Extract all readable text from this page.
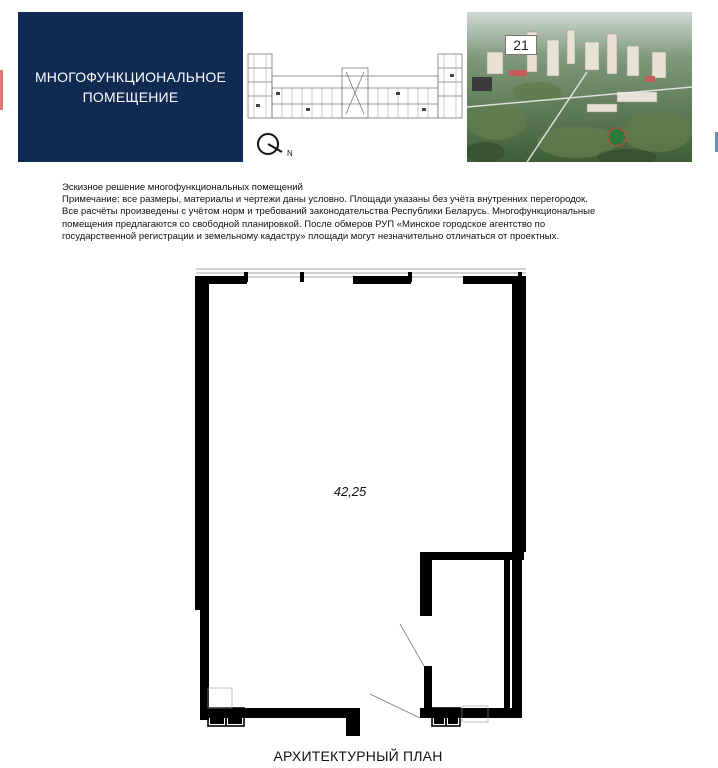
МНОГОФУНКЦИОНАЛЬНОЕ
ПОМЕЩЕНИЕ
N
21
Эскизное решение многофункциональных помещений
Примечание: все размеры, материалы и чертежи даны условно. Площади указаны без учёта внутренних перегородок.
Все расчёты произведены с учётом норм и требований законодательства Республики Беларусь. Многофункциональные
помещения предлагаются со свободной планировкой. После обмеров РУП «Минское городское агентство по
государственной регистрации и земельному кадастру» площади могут незначительно отличаться от проектных.
42,25
АРХИТЕКТУРНЫЙ ПЛАН
